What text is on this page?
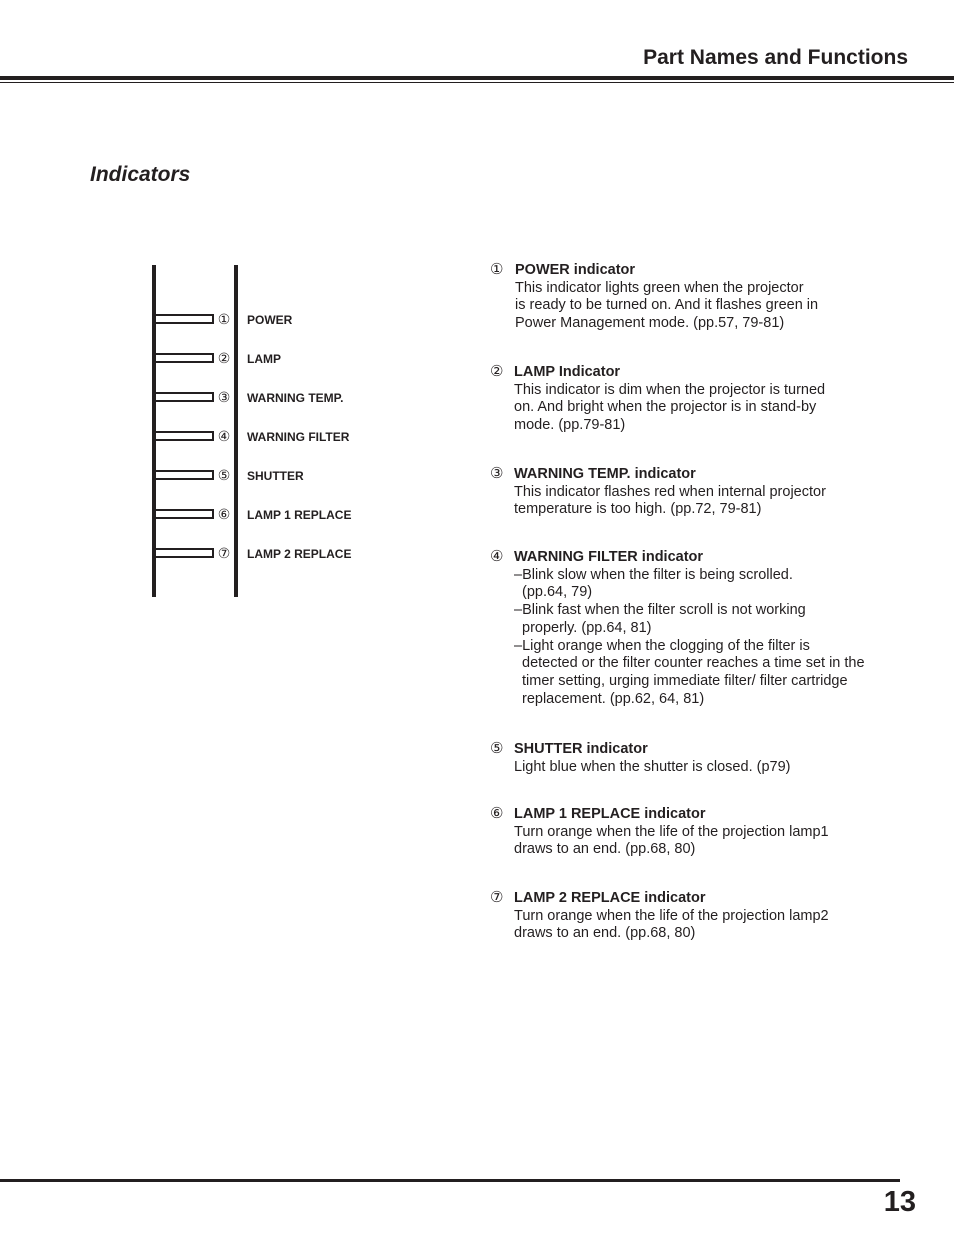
Part Names and Functions
Indicators
① POWER
② LAMP
③ WARNING TEMP.
④ WARNING FILTER
⑤ SHUTTER
⑥ LAMP 1 REPLACE
⑦ LAMP 2 REPLACE
① POWER indicator
This indicator lights green when the projector
is ready to be turned on. And it flashes green in
Power Management mode. (pp.57, 79-81)
② LAMP Indicator
This indicator is dim when the projector is turned
on. And bright when the projector is in stand-by
mode. (pp.79-81)
③ WARNING TEMP. indicator
This indicator flashes red when internal projector
temperature is too high. (pp.72, 79-81)
④ WARNING FILTER indicator
–Blink slow when the filter is being scrolled. (pp.64, 79)
–Blink fast when the filter scroll is not working properly. (pp.64, 81)
–Light orange when the clogging of the filter is detected or the filter counter reaches a time set in the timer setting, urging immediate filter/ filter cartridge replacement. (pp.62, 64, 81)
⑤ SHUTTER indicator
Light blue when the shutter is closed. (p79)
⑥ LAMP 1 REPLACE indicator
Turn orange when the life of the projection lamp1
draws to an end. (pp.68, 80)
⑦ LAMP 2 REPLACE indicator
Turn orange when the life of the projection lamp2
draws to an end. (pp.68, 80)
13
